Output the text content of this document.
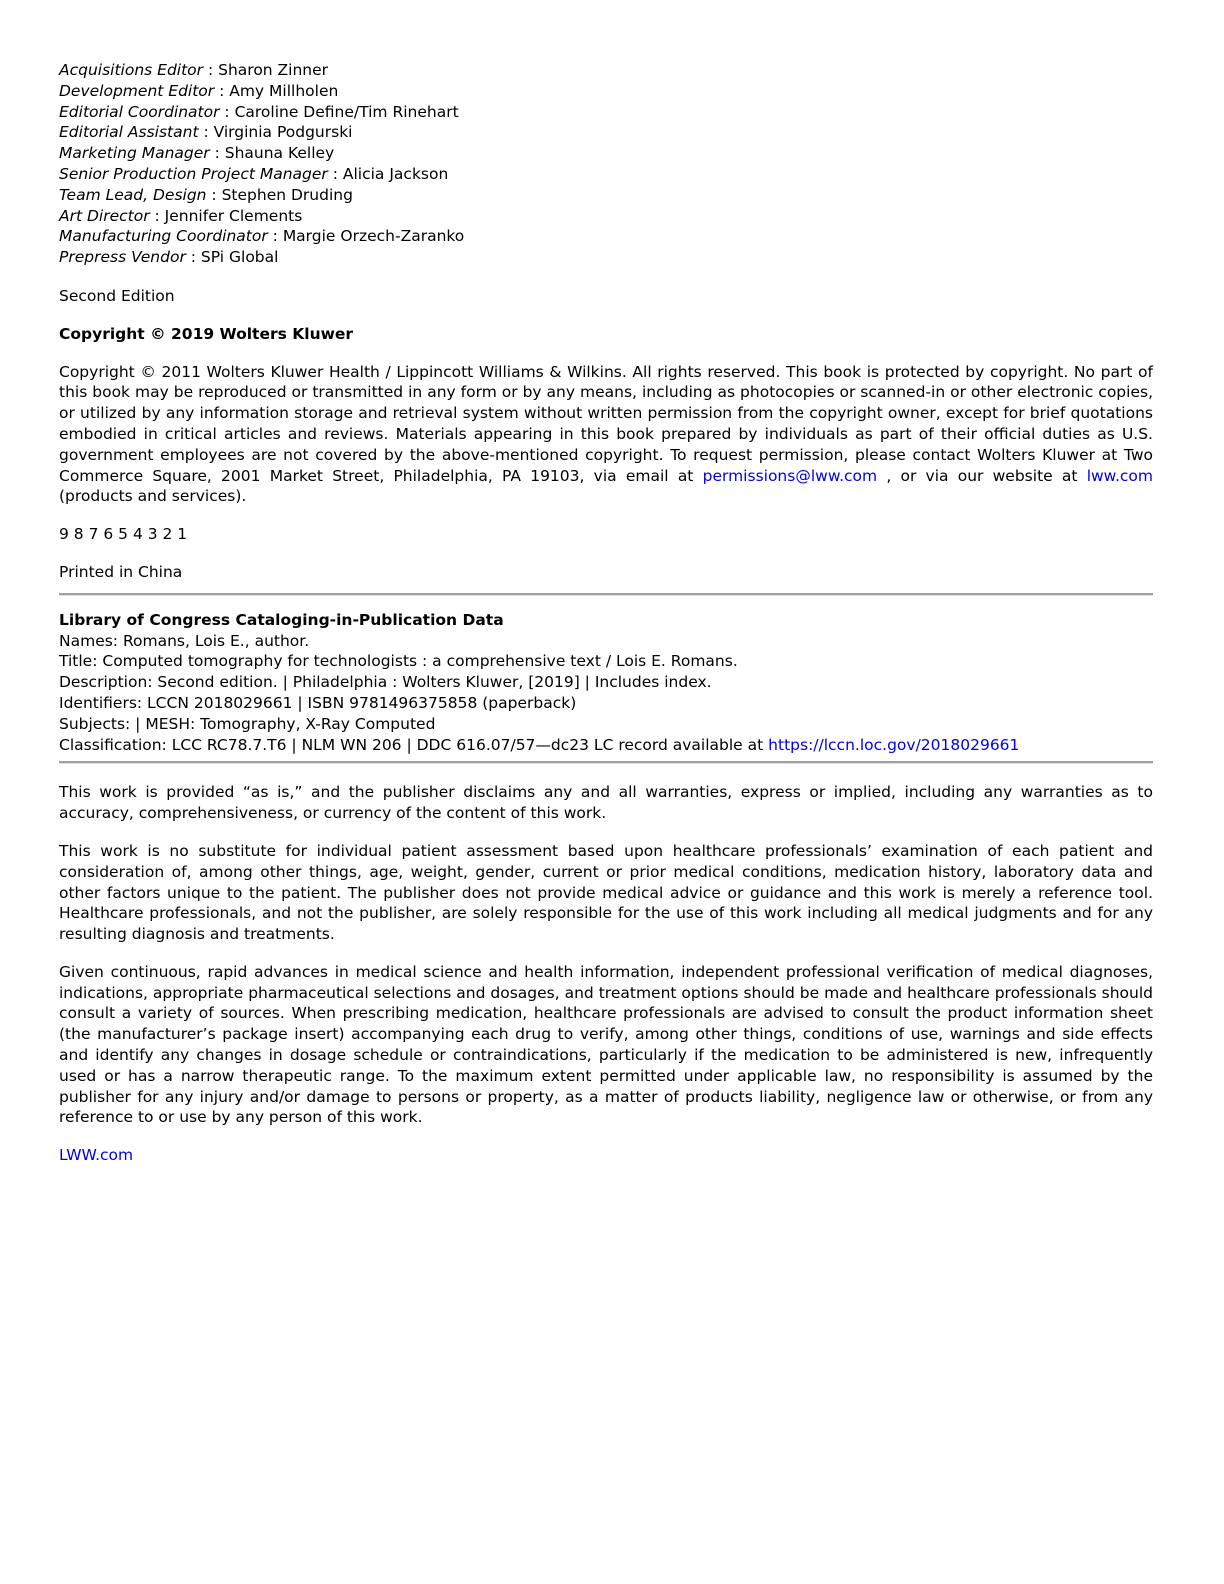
Acquisitions Editor : Sharon Zinner
Development Editor : Amy Millholen
Editorial Coordinator : Caroline Define/Tim Rinehart
Editorial Assistant : Virginia Podgurski
Marketing Manager : Shauna Kelley
Senior Production Project Manager : Alicia Jackson
Team Lead, Design : Stephen Druding
Art Director : Jennifer Clements
Manufacturing Coordinator : Margie Orzech-Zaranko
Prepress Vendor : SPi Global

Second Edition

Copyright © 2019 Wolters Kluwer

Copyright © 2011 Wolters Kluwer Health / Lippincott Williams & Wilkins. All rights reserved. This book is protected by copyright. No part of this book may be reproduced or transmitted in any form or by any means, including as photocopies or scanned-in or other electronic copies, or utilized by any information storage and retrieval system without written permission from the copyright owner, except for brief quotations embodied in critical articles and reviews. Materials appearing in this book prepared by individuals as part of their official duties as U.S. government employees are not covered by the above-mentioned copyright. To request permission, please contact Wolters Kluwer at Two Commerce Square, 2001 Market Street, Philadelphia, PA 19103, via email at permissions@lww.com , or via our website at lww.com (products and services).

9 8 7 6 5 4 3 2 1

Printed in China

Library of Congress Cataloging-in-Publication Data
Names: Romans, Lois E., author.
Title: Computed tomography for technologists : a comprehensive text / Lois E. Romans.
Description: Second edition. | Philadelphia : Wolters Kluwer, [2019] | Includes index.
Identifiers: LCCN 2018029661 | ISBN 9781496375858 (paperback)
Subjects: | MESH: Tomography, X-Ray Computed
Classification: LCC RC78.7.T6 | NLM WN 206 | DDC 616.07/57—dc23 LC record available at https://lccn.loc.gov/2018029661

This work is provided “as is,” and the publisher disclaims any and all warranties, express or implied, including any warranties as to accuracy, comprehensiveness, or currency of the content of this work.

This work is no substitute for individual patient assessment based upon healthcare professionals’ examination of each patient and consideration of, among other things, age, weight, gender, current or prior medical conditions, medication history, laboratory data and other factors unique to the patient. The publisher does not provide medical advice or guidance and this work is merely a reference tool. Healthcare professionals, and not the publisher, are solely responsible for the use of this work including all medical judgments and for any resulting diagnosis and treatments.

Given continuous, rapid advances in medical science and health information, independent professional verification of medical diagnoses, indications, appropriate pharmaceutical selections and dosages, and treatment options should be made and healthcare professionals should consult a variety of sources. When prescribing medication, healthcare professionals are advised to consult the product information sheet (the manufacturer’s package insert) accompanying each drug to verify, among other things, conditions of use, warnings and side effects and identify any changes in dosage schedule or contraindications, particularly if the medication to be administered is new, infrequently used or has a narrow therapeutic range. To the maximum extent permitted under applicable law, no responsibility is assumed by the publisher for any injury and/or damage to persons or property, as a matter of products liability, negligence law or otherwise, or from any reference to or use by any person of this work.

LWW.com
